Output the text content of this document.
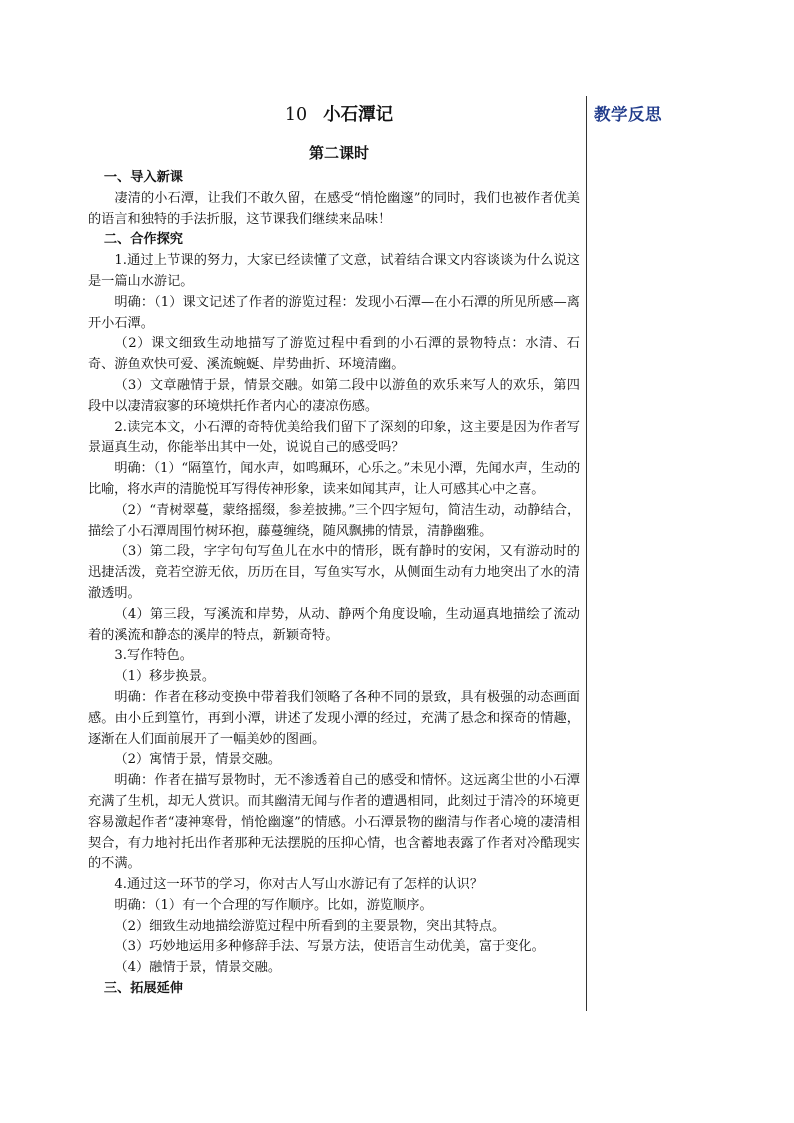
教学反思
10 小石潭记
第二课时

一、导入新课

凄清的小石潭，让我们不敢久留，在感受“悄怆幽邃”的同时，我们也被作者优美的语言和独特的手法折服，这节课我们继续来品味！

二、合作探究

1.通过上节课的努力，大家已经读懂了文意，试着结合课文内容谈谈为什么说这是一篇山水游记。

明确：（1）课文记述了作者的游览过程：发现小石潭—在小石潭的所见所感—离开小石潭。

（2）课文细致生动地描写了游览过程中看到的小石潭的景物特点：水清、石奇、游鱼欢快可爱、溪流蜿蜒、岸势曲折、环境清幽。

（3）文章融情于景，情景交融。如第二段中以游鱼的欢乐来写人的欢乐，第四段中以凄清寂寥的环境烘托作者内心的凄凉伤感。

2.读完本文，小石潭的奇特优美给我们留下了深刻的印象，这主要是因为作者写景逼真生动，你能举出其中一处，说说自己的感受吗？

明确：（1）“隔篁竹，闻水声，如鸣珮环，心乐之。”未见小潭，先闻水声，生动的比喻，将水声的清脆悦耳写得传神形象，读来如闻其声，让人可感其心中之喜。

（2）“青树翠蔓，蒙络摇缀，参差披拂。”三个四字短句，简洁生动，动静结合，描绘了小石潭周围竹树环抱，藤蔓缠绕，随风飘拂的情景，清静幽雅。

（3）第二段，字字句句写鱼儿在水中的情形，既有静时的安闲，又有游动时的迅捷活泼，竟若空游无依，历历在目，写鱼实写水，从侧面生动有力地突出了水的清澈透明。

（4）第三段，写溪流和岸势，从动、静两个角度设喻，生动逼真地描绘了流动着的溪流和静态的溪岸的特点，新颖奇特。

3.写作特色。

（1）移步换景。

明确：作者在移动变换中带着我们领略了各种不同的景致，具有极强的动态画面感。由小丘到篁竹，再到小潭，讲述了发现小潭的经过，充满了悬念和探奇的情趣，逐渐在人们面前展开了一幅美妙的图画。

（2）寓情于景，情景交融。

明确：作者在描写景物时，无不渗透着自己的感受和情怀。这远离尘世的小石潭充满了生机，却无人赏识。而其幽清无闻与作者的遭遇相同，此刻过于清冷的环境更容易激起作者“凄神寒骨，悄怆幽邃”的情感。小石潭景物的幽清与作者心境的凄清相契合，有力地衬托出作者那种无法摆脱的压抑心情，也含蓄地表露了作者对冷酷现实的不满。

4.通过这一环节的学习，你对古人写山水游记有了怎样的认识？

明确：（1）有一个合理的写作顺序。比如，游览顺序。

（2）细致生动地描绘游览过程中所看到的主要景物，突出其特点。

（3）巧妙地运用多种修辞手法、写景方法，使语言生动优美，富于变化。

（4）融情于景，情景交融。

三、拓展延伸
